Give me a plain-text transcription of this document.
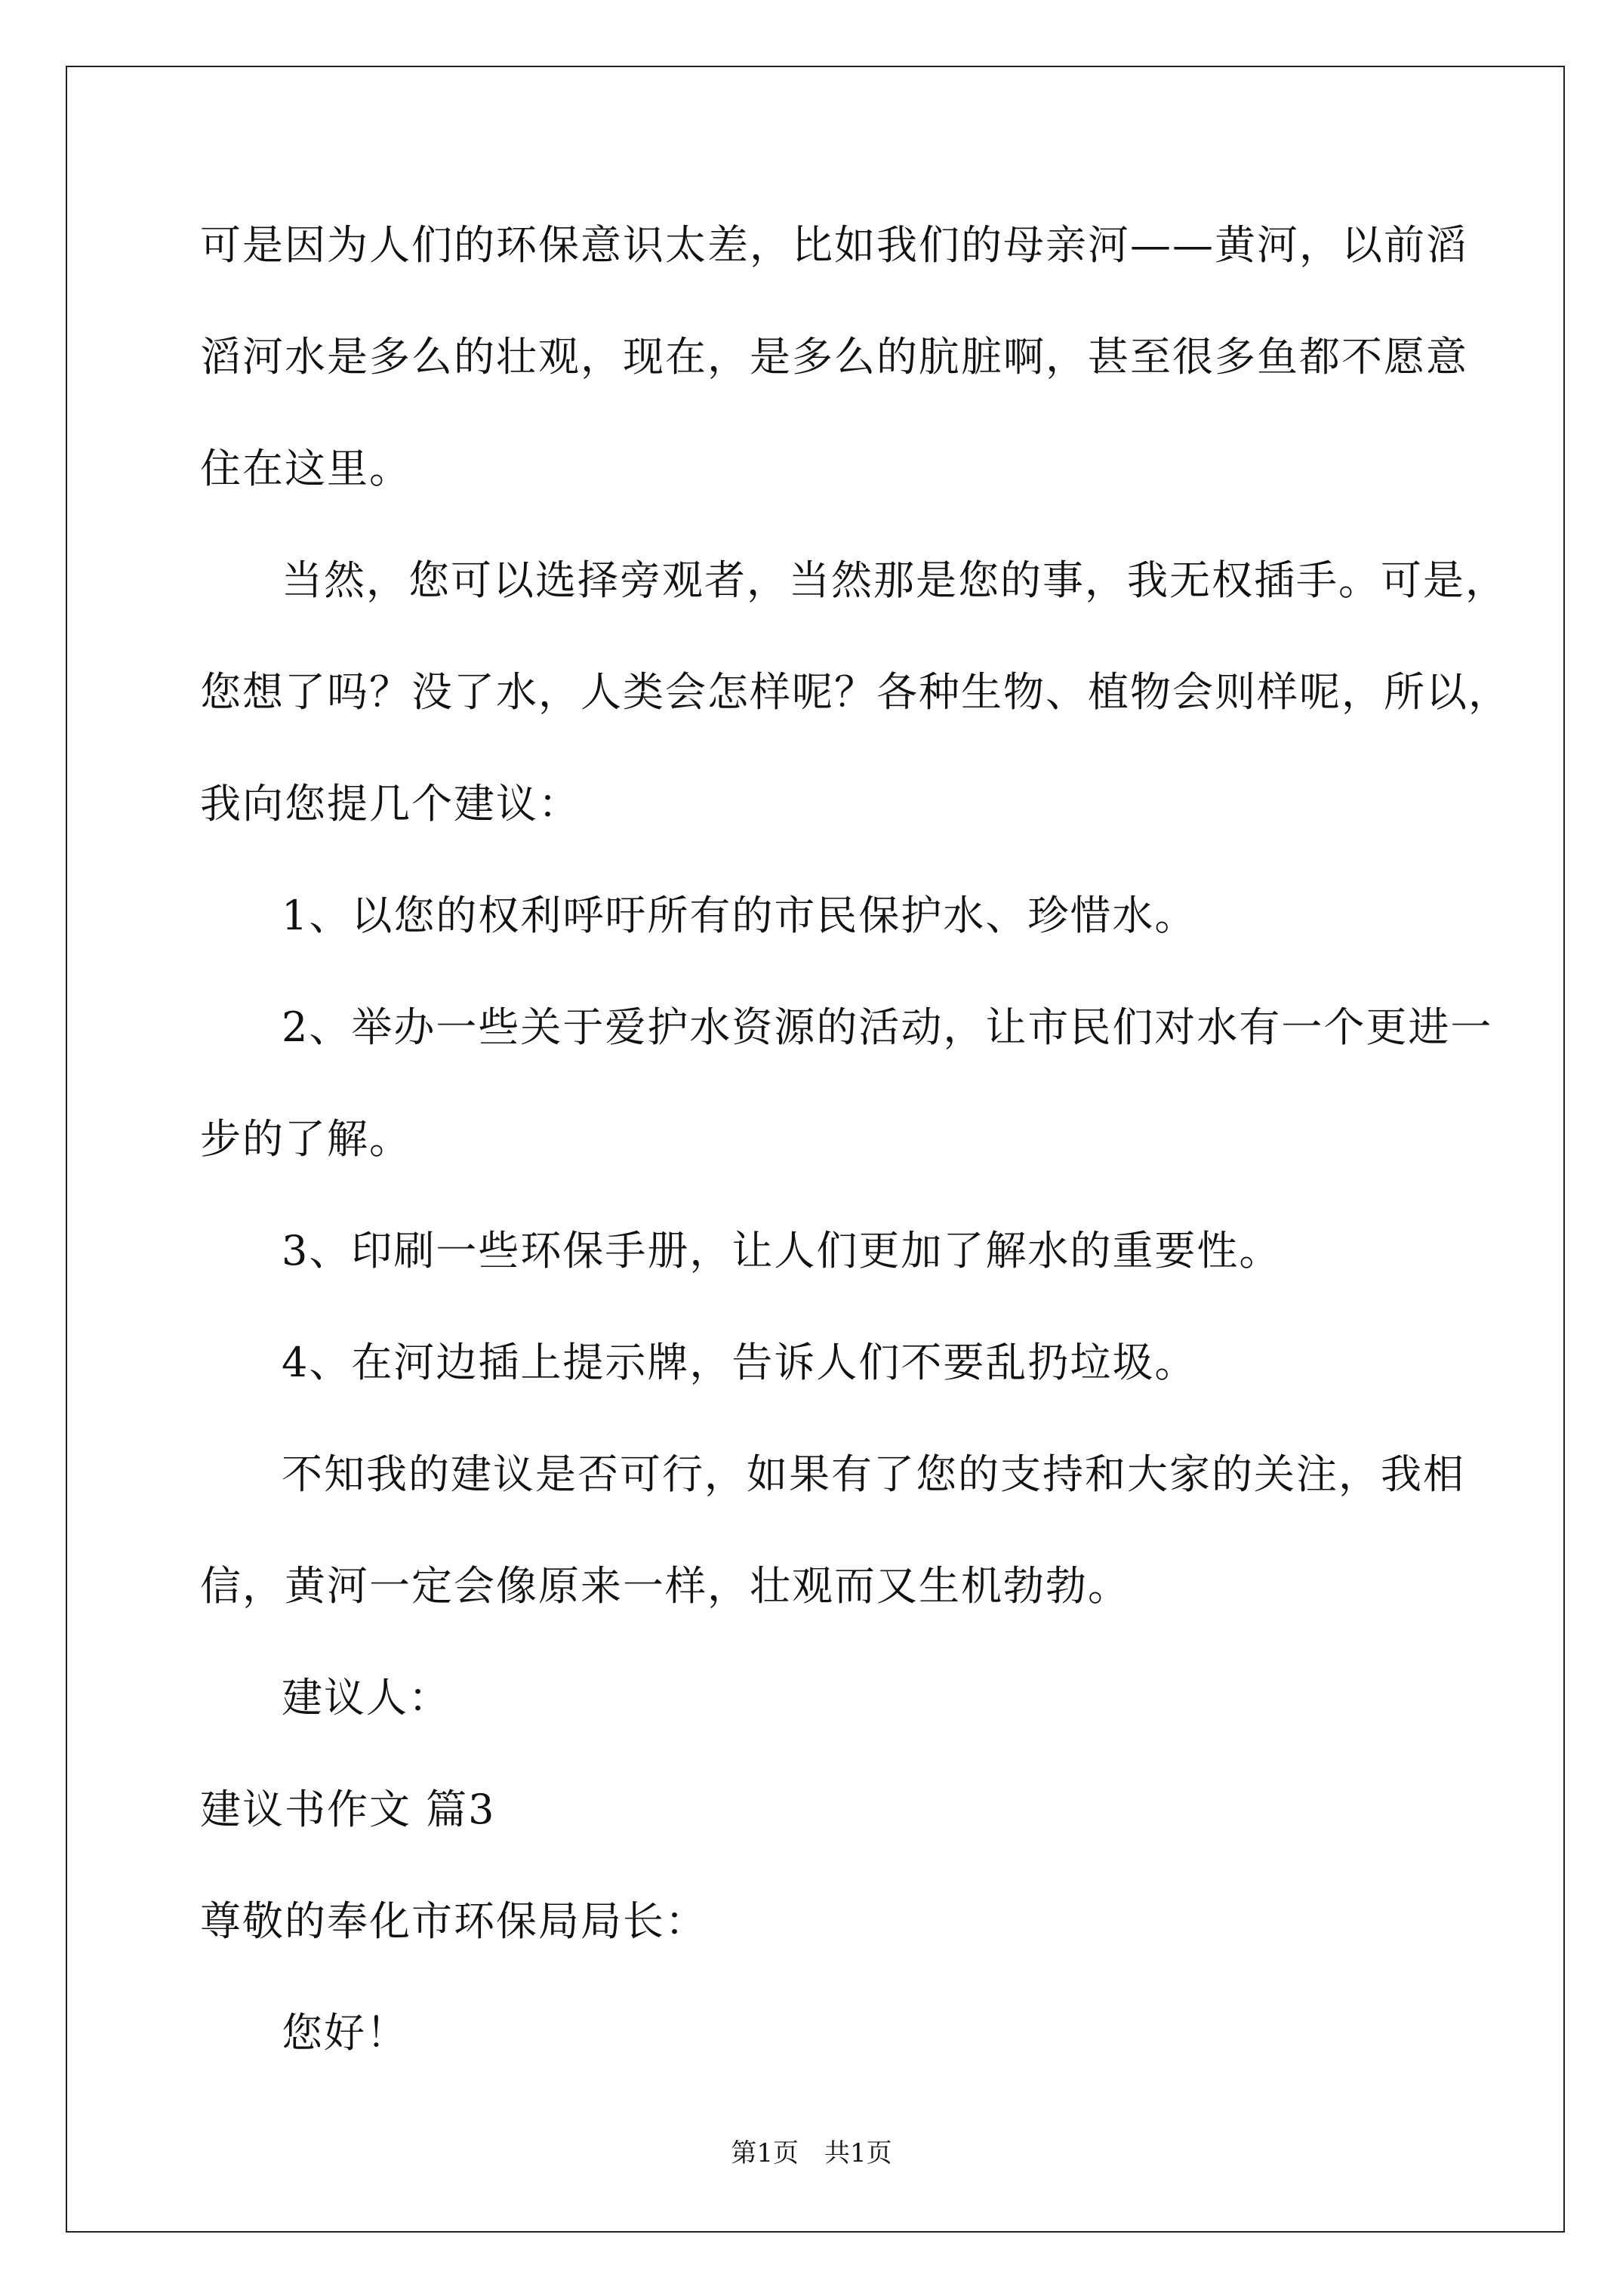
可是因为人们的环保意识太差，比如我们的母亲河——黄河，以前滔
滔河水是多么的壮观，现在，是多么的肮脏啊，甚至很多鱼都不愿意
住在这里。
当然，您可以选择旁观者，当然那是您的事，我无权插手。可是，
您想了吗？没了水，人类会怎样呢？各种生物、植物会则样呢，所以，
我向您提几个建议：
1、以您的权利呼吁所有的市民保护水、珍惜水。
2、举办一些关于爱护水资源的活动，让市民们对水有一个更进一
步的了解。
3、印刷一些环保手册，让人们更加了解水的重要性。
4、在河边插上提示牌，告诉人们不要乱扔垃圾。
不知我的建议是否可行，如果有了您的支持和大家的关注，我相
信，黄河一定会像原来一样，壮观而又生机勃勃。
建议人：
建议书作文 篇3
尊敬的奉化市环保局局长：
您好！
第1页　共1页
